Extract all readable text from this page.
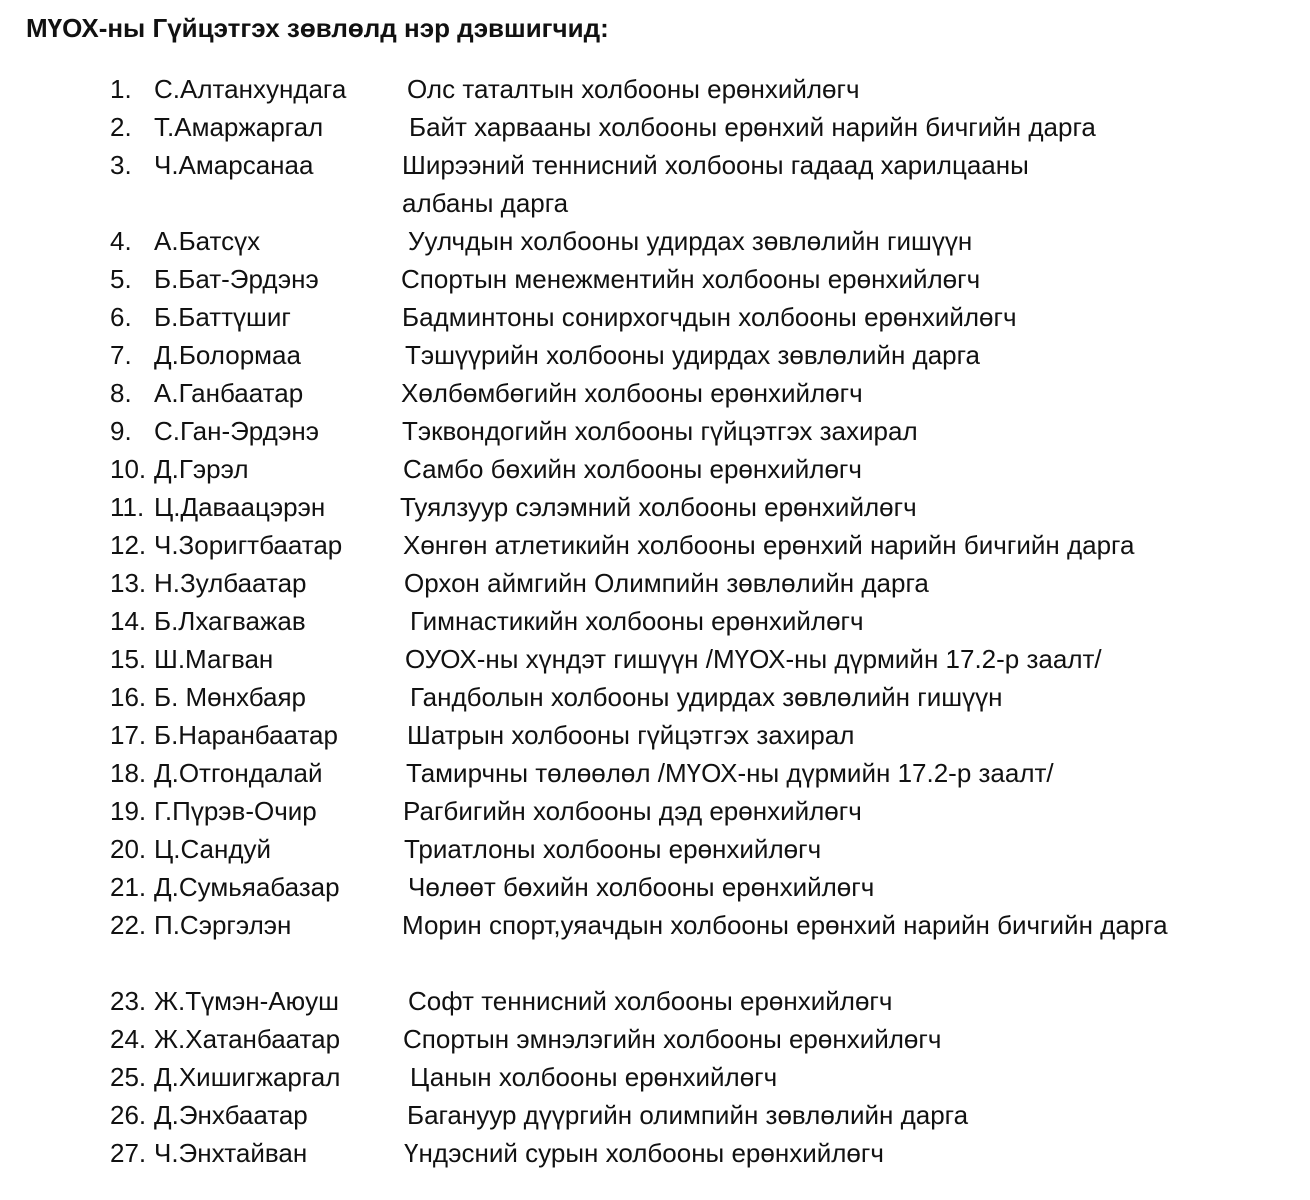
МҮОХ-ны Гүйцэтгэх зөвлөлд нэр дэвшигчид:
1. С.Алтанхундага Олс таталтын холбооны ерөнхийлөгч
2. Т.Амаржаргал	Байт харвааны холбооны ерөнхий нарийн бичгийн дарга
3. Ч.Амарсанаа	Ширээний теннисний холбооны гадаад харилцааны албаны дарга
4. А.Батсүх	Уулчдын холбооны удирдах зөвлөлийн гишүүн
5. Б.Бат-Эрдэнэ	Спортын менежментийн холбооны ерөнхийлөгч
6. Б.Баттүшиг	Бадминтоны сонирхогчдын холбооны ерөнхийлөгч
7. Д.Болормаа	Тэшүүрийн холбооны удирдах зөвлөлийн дарга
8. А.Ганбаатар	Хөлбөмбөгийн холбооны ерөнхийлөгч
9. С.Ган-Эрдэнэ	Тэквондогийн холбооны гүйцэтгэх захирал
10. Д.Гэрэл	Самбо бөхийн холбооны ерөнхийлөгч
11. Ц.Даваацэрэн	Туялзуур сэлэмний холбооны ерөнхийлөгч
12. Ч.Зоригтбаатар Хөнгөн атлетикийн холбооны ерөнхий нарийн бичгийн дарга
13. Н.Зулбаатар	Орхон аймгийн Олимпийн зөвлөлийн дарга
14. Б.Лхагважав	Гимнастикийн холбооны ерөнхийлөгч
15. Ш.Магван	ОУОХ-ны хүндэт гишүүн /МҮОХ-ны дүрмийн 17.2-р заалт/
16. Б. Мөнхбаяр	Гандболын холбооны удирдах зөвлөлийн гишүүн
17. Б.Наранбаатар	Шатрын холбооны гүйцэтгэх захирал
18. Д.Отгондалай	Тамирчны төлөөлөл /МҮОХ-ны дүрмийн 17.2-р заалт/
19. Г.Пүрэв-Очир	Рагбигийн холбооны дэд ерөнхийлөгч
20. Ц.Сандуй	Триатлоны холбооны ерөнхийлөгч
21. Д.Сумьяабазар	Чөлөөт бөхийн холбооны ерөнхийлөгч
22. П.Сэргэлэн	Морин спорт,уяачдын холбооны ерөнхий нарийн бичгийн дарга
23. Ж.Түмэн-Аюуш	Софт теннисний холбооны ерөнхийлөгч
24. Ж.Хатанбаатар Спортын эмнэлэгийн холбооны ерөнхийлөгч
25. Д.Хишигжаргал	Цанын холбооны ерөнхийлөгч
26. Д.Энхбаатар	Багануур дүүргийн олимпийн зөвлөлийн дарга
27. Ч.Энхтайван	Үндэсний сурын холбооны ерөнхийлөгч
